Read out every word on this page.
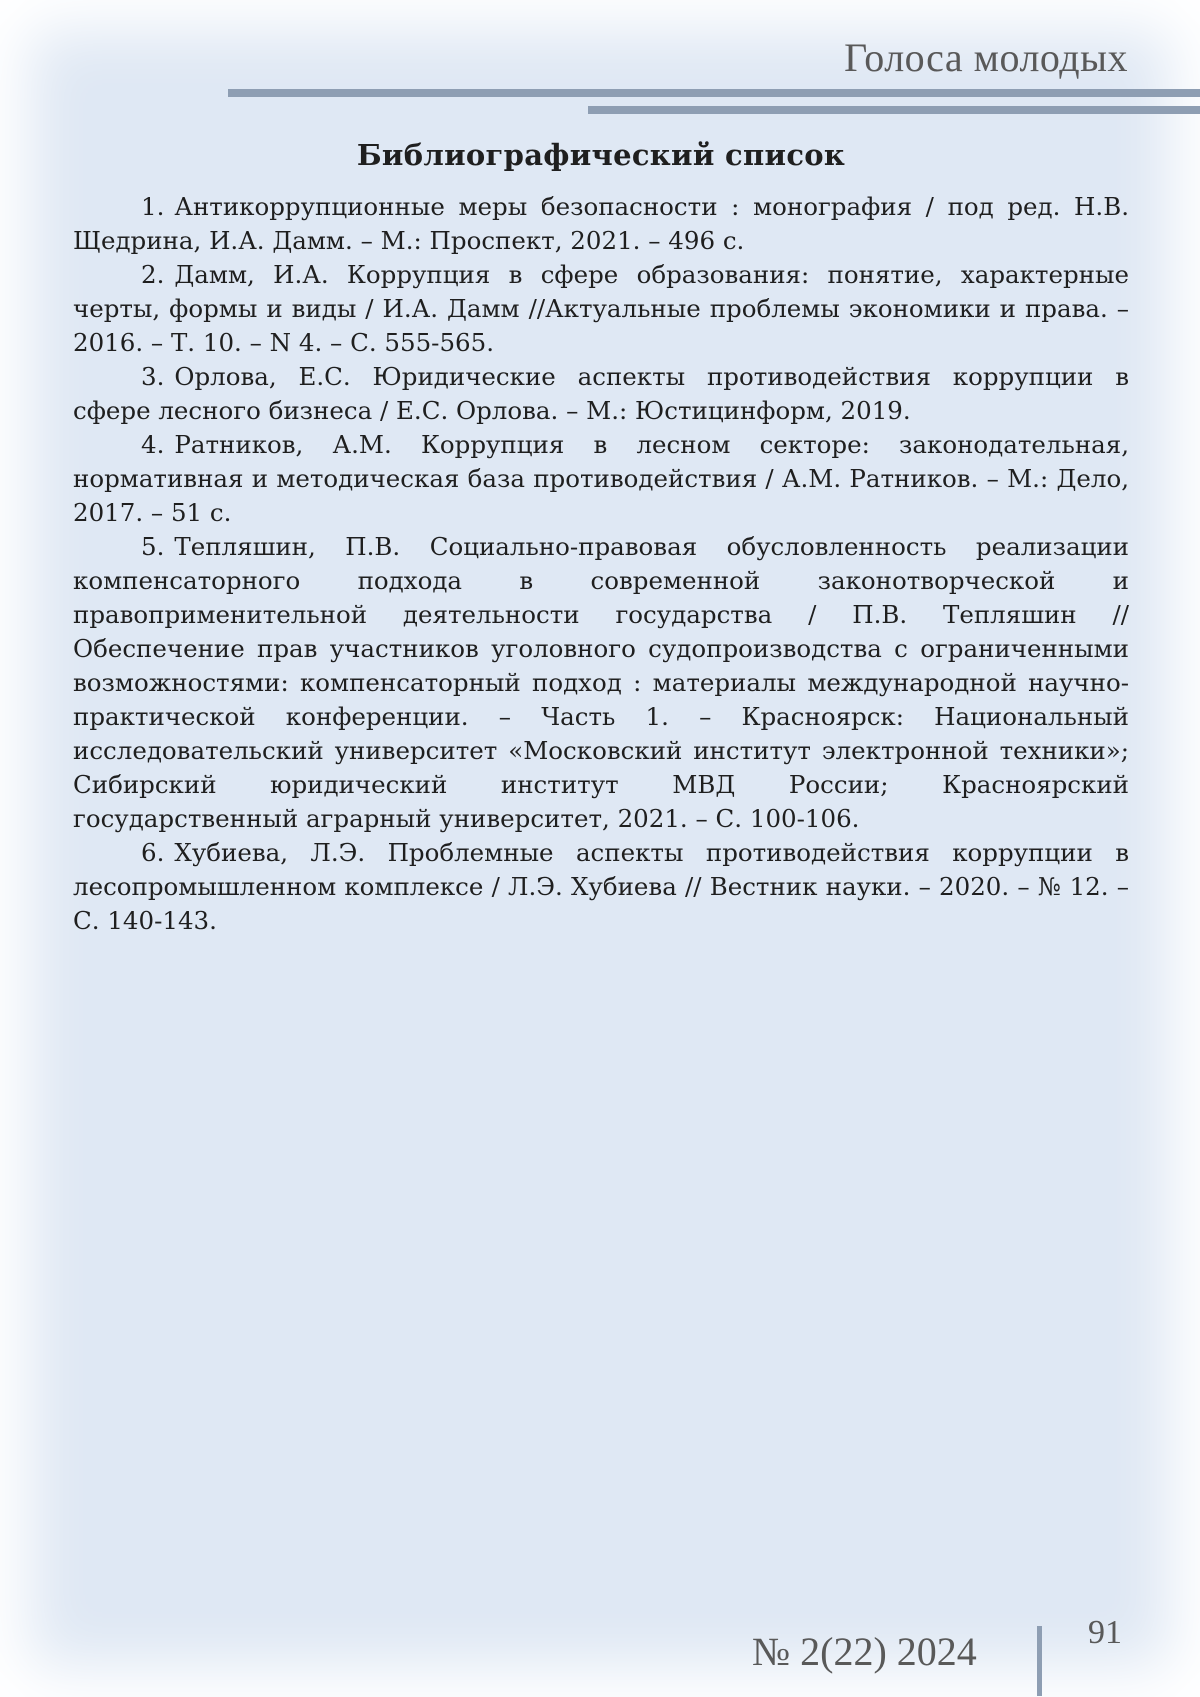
Голоса молодых
Библиографический список
1. Антикоррупционные меры безопасности : монография / под ред. Н.В. Щедрина, И.А. Дамм. – М.: Проспект, 2021. – 496 с.
2. Дамм, И.А. Коррупция в сфере образования: понятие, характерные черты, формы и виды / И.А. Дамм //Актуальные проблемы экономики и права. – 2016. – Т. 10. – N 4. – С. 555-565.
3. Орлова, Е.С. Юридические аспекты противодействия коррупции в сфере лесного бизнеса / Е.С. Орлова. – М.: Юстицинформ, 2019.
4. Ратников, А.М. Коррупция в лесном секторе: законодательная, нормативная и методическая база противодействия / А.М. Ратников. – М.: Дело, 2017. – 51 с.
5. Тепляшин, П.В. Социально-правовая обусловленность реализации компенсаторного подхода в современной законотворческой и правоприменительной деятельности государства / П.В. Тепляшин // Обеспечение прав участников уголовного судопроизводства с ограниченными возможностями: компенсаторный подход : материалы международной научно-практической конференции. – Часть 1. – Красноярск: Национальный исследовательский университет «Московский институт электронной техники»; Сибирский юридический институт МВД России; Красноярский государственный аграрный университет, 2021. – С. 100-106.
6. Хубиева, Л.Э. Проблемные аспекты противодействия коррупции в лесопромышленном комплексе / Л.Э. Хубиева // Вестник науки. – 2020. – № 12. – С. 140-143.
№ 2(22) 2024	91
